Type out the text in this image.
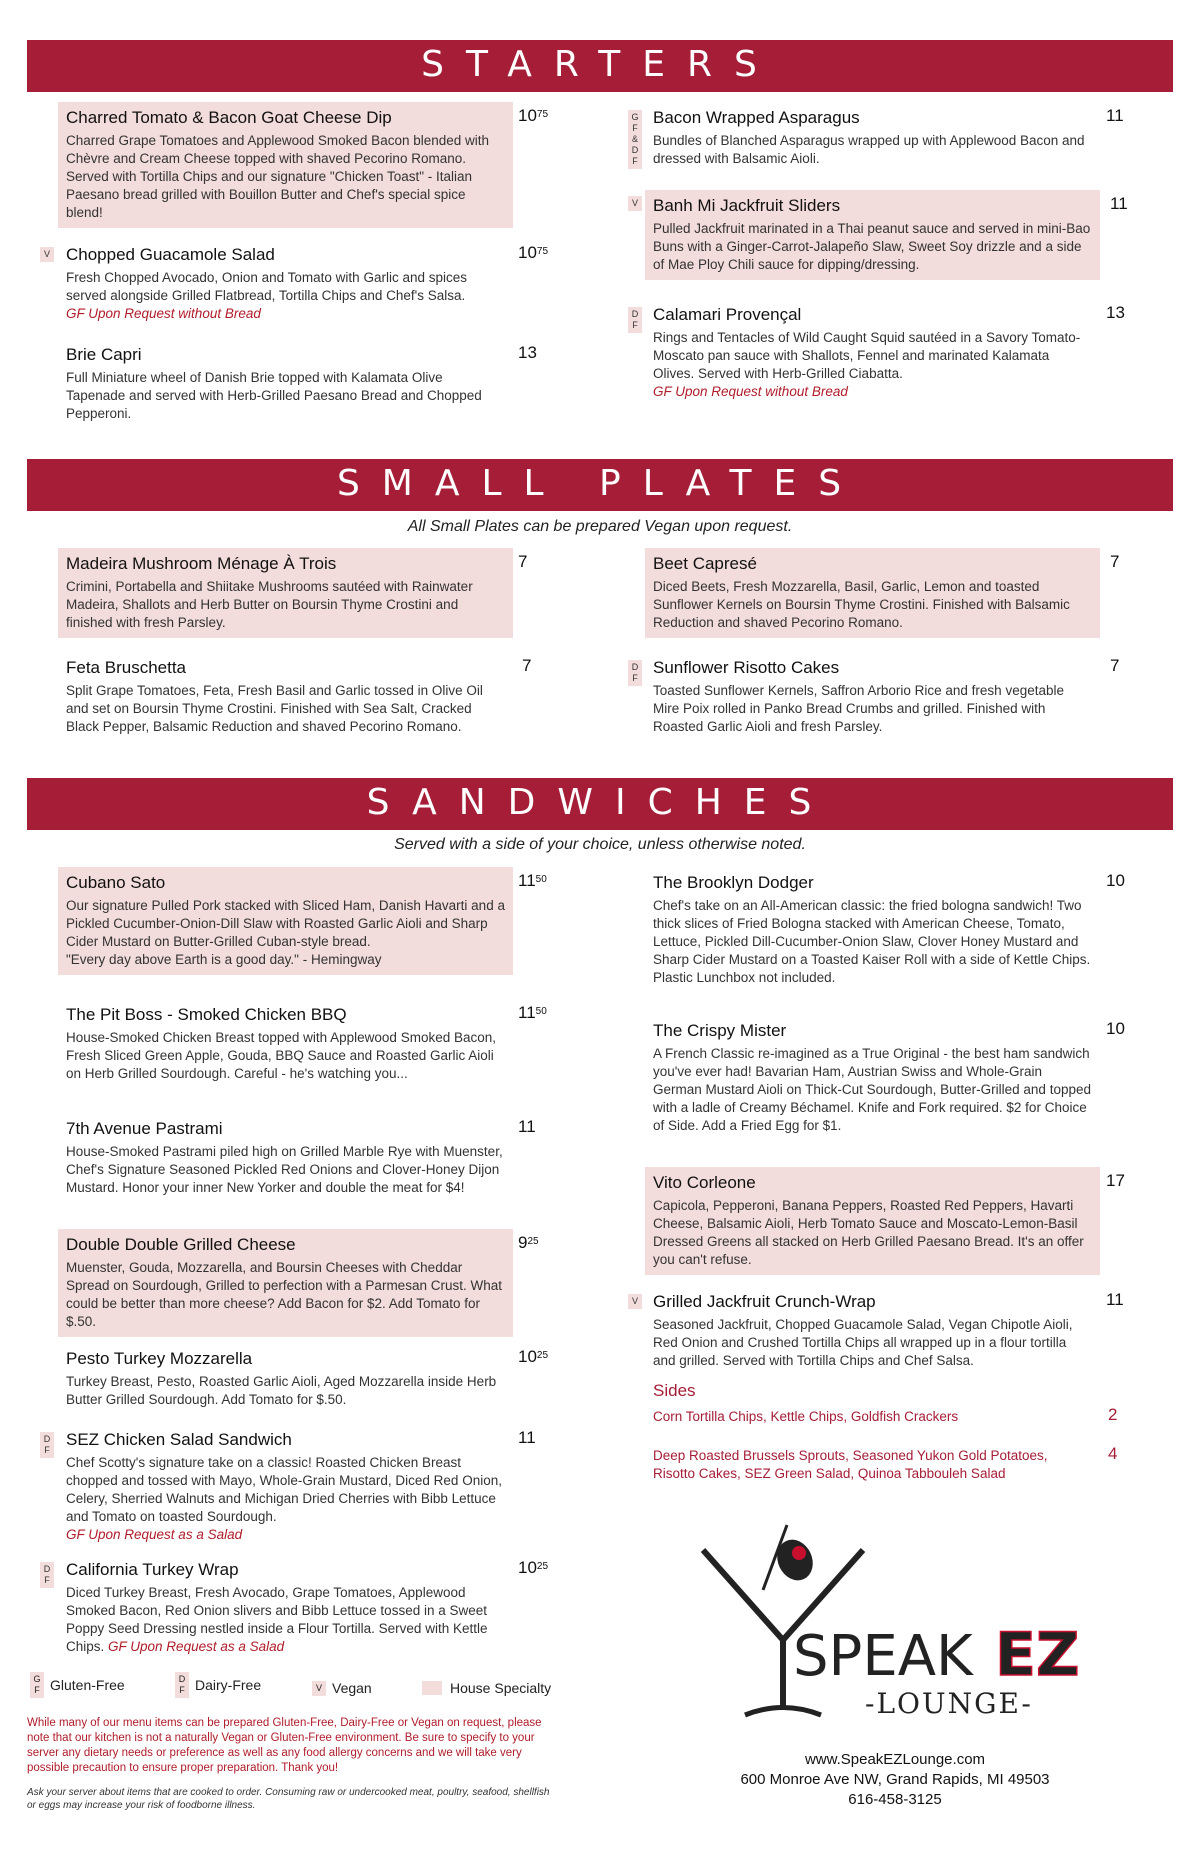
STARTERS
Charred Tomato & Bacon Goat Cheese Dip
Charred Grape Tomatoes and Applewood Smoked Bacon blended with Chèvre and Cream Cheese topped with shaved Pecorino Romano. Served with Tortilla Chips and our signature "Chicken Toast" - Italian Paesano bread grilled with Bouillon Butter and Chef's special spice blend!
$10^{75}$
V Chopped Guacamole Salad
Fresh Chopped Avocado, Onion and Tomato with Garlic and spices served alongside Grilled Flatbread, Tortilla Chips and Chef's Salsa.
GF Upon Request without Bread
$10^{75}$
Brie Capri
Full Miniature wheel of Danish Brie topped with Kalamata Olive Tapenade and served with Herb-Grilled Paesano Bread and Chopped Pepperoni.
13
G F & D F
Bacon Wrapped Asparagus
Bundles of Blanched Asparagus wrapped up with Applewood Bacon and dressed with Balsamic Aioli.
11
V Banh Mi Jackfruit Sliders
Pulled Jackfruit marinated in a Thai peanut sauce and served in mini-Bao Buns with a Ginger-Carrot-Jalapeño Slaw, Sweet Soy drizzle and a side of Mae Ploy Chili sauce for dipping/dressing.
11
D F
Calamari Provençal
Rings and Tentacles of Wild Caught Squid sautéed in a Savory Tomato-Moscato pan sauce with Shallots, Fennel and marinated Kalamata Olives. Served with Herb-Grilled Ciabatta.
GF Upon Request without Bread
13
SMALL PLATES
All Small Plates can be prepared Vegan upon request.
Madeira Mushroom Ménage À Trois
Crimini, Portabella and Shiitake Mushrooms sautéed with Rainwater Madeira, Shallots and Herb Butter on Boursin Thyme Crostini and finished with fresh Parsley.
7
Feta Bruschetta
Split Grape Tomatoes, Feta, Fresh Basil and Garlic tossed in Olive Oil and set on Boursin Thyme Crostini. Finished with Sea Salt, Cracked Black Pepper, Balsamic Reduction and shaved Pecorino Romano.
7
Beet Capresé
Diced Beets, Fresh Mozzarella, Basil, Garlic, Lemon and toasted Sunflower Kernels on Boursin Thyme Crostini. Finished with Balsamic Reduction and shaved Pecorino Romano.
7
D F
Sunflower Risotto Cakes
Toasted Sunflower Kernels, Saffron Arborio Rice and fresh vegetable Mire Poix rolled in Panko Bread Crumbs and grilled. Finished with Roasted Garlic Aioli and fresh Parsley.
7
SANDWICHES
Served with a side of your choice, unless otherwise noted.
Cubano Sato
Our signature Pulled Pork stacked with Sliced Ham, Danish Havarti and a Pickled Cucumber-Onion-Dill Slaw with Roasted Garlic Aioli and Sharp Cider Mustard on Butter-Grilled Cuban-style bread.
"Every day above Earth is a good day." - Hemingway
$11^{50}$
The Pit Boss - Smoked Chicken BBQ
House-Smoked Chicken Breast topped with Applewood Smoked Bacon, Fresh Sliced Green Apple, Gouda, BBQ Sauce and Roasted Garlic Aioli on Herb Grilled Sourdough. Careful - he's watching you...
$11^{50}$
7th Avenue Pastrami
House-Smoked Pastrami piled high on Grilled Marble Rye with Muenster, Chef's Signature Seasoned Pickled Red Onions and Clover-Honey Dijon Mustard. Honor your inner New Yorker and double the meat for $4!
11
Double Double Grilled Cheese
Muenster, Gouda, Mozzarella, and Boursin Cheeses with Cheddar Spread on Sourdough, Grilled to perfection with a Parmesan Crust. What could be better than more cheese? Add Bacon for $2. Add Tomato for $.50.
$9^{25}$
Pesto Turkey Mozzarella
Turkey Breast, Pesto, Roasted Garlic Aioli, Aged Mozzarella inside Herb Butter Grilled Sourdough. Add Tomato for $.50.
$10^{25}$
D F
SEZ Chicken Salad Sandwich
Chef Scotty's signature take on a classic! Roasted Chicken Breast chopped and tossed with Mayo, Whole-Grain Mustard, Diced Red Onion, Celery, Sherried Walnuts and Michigan Dried Cherries with Bibb Lettuce and Tomato on toasted Sourdough.
GF Upon Request as a Salad
11
D F
California Turkey Wrap
Diced Turkey Breast, Fresh Avocado, Grape Tomatoes, Applewood Smoked Bacon, Red Onion slivers and Bibb Lettuce tossed in a Sweet Poppy Seed Dressing nestled inside a Flour Tortilla. Served with Kettle Chips. GF Upon Request as a Salad
$10^{25}$
The Brooklyn Dodger
Chef's take on an All-American classic: the fried bologna sandwich! Two thick slices of Fried Bologna stacked with American Cheese, Tomato, Lettuce, Pickled Dill-Cucumber-Onion Slaw, Clover Honey Mustard and Sharp Cider Mustard on a Toasted Kaiser Roll with a side of Kettle Chips. Plastic Lunchbox not included.
10
The Crispy Mister
A French Classic re-imagined as a True Original - the best ham sandwich you've ever had! Bavarian Ham, Austrian Swiss and Whole-Grain German Mustard Aioli on Thick-Cut Sourdough, Butter-Grilled and topped with a ladle of Creamy Béchamel. Knife and Fork required. $2 for Choice of Side. Add a Fried Egg for $1.
10
Vito Corleone
Capicola, Pepperoni, Banana Peppers, Roasted Red Peppers, Havarti Cheese, Balsamic Aioli, Herb Tomato Sauce and Moscato-Lemon-Basil Dressed Greens all stacked on Herb Grilled Paesano Bread. It's an offer you can't refuse.
17
V Grilled Jackfruit Crunch-Wrap
Seasoned Jackfruit, Chopped Guacamole Salad, Vegan Chipotle Aioli, Red Onion and Crushed Tortilla Chips all wrapped up in a flour tortilla and grilled. Served with Tortilla Chips and Chef Salsa.
11
Sides
Corn Tortilla Chips, Kettle Chips, Goldfish Crackers	2
Deep Roasted Brussels Sprouts, Seasoned Yukon Gold Potatoes, Risotto Cakes, SEZ Green Salad, Quinoa Tabbouleh Salad
4
G F Gluten-Free	D F Dairy-Free	V Vegan	House Specialty
While many of our menu items can be prepared Gluten-Free, Dairy-Free or Vegan on request, please note that our kitchen is not a naturally Vegan or Gluten-Free environment. Be sure to specify to your server any dietary needs or preference as well as any food allergy concerns and we will take very possible precaution to ensure proper preparation. Thank you!
Ask your server about items that are cooked to order. Consuming raw or undercooked meat, poultry, seafood, shellfish or eggs may increase your risk of foodborne illness.
SPEAK EZ
-LOUNGE-
www.SpeakEZLounge.com
600 Monroe Ave NW, Grand Rapids, MI 49503
616-458-3125
